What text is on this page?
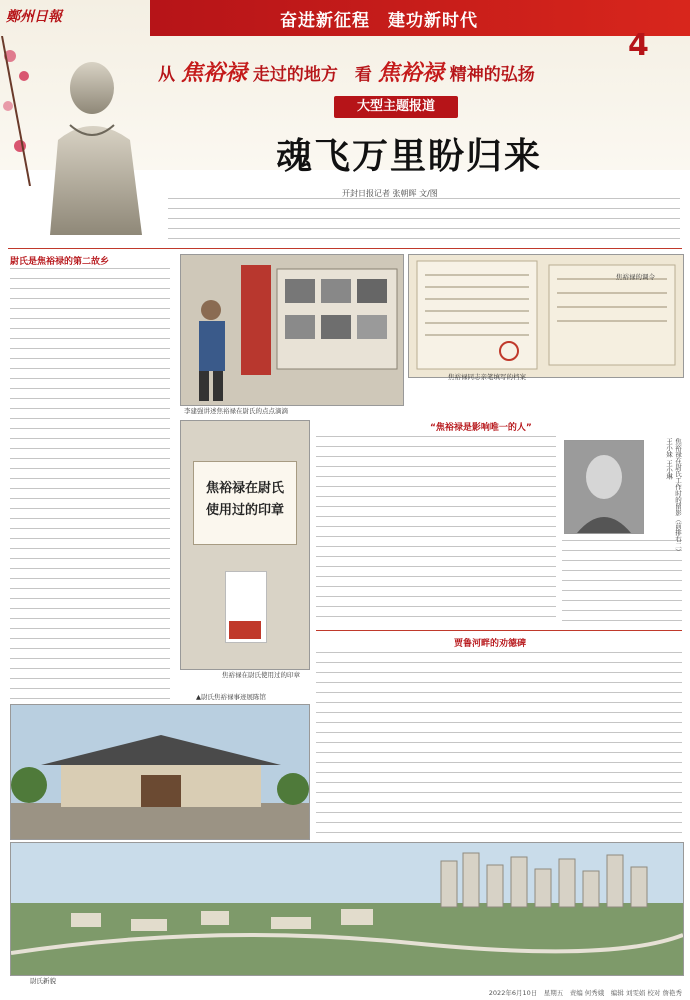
鄭州日報	奋进新征程　建功新时代
4
从 焦裕禄 走过的地方　看 焦裕禄 精神的弘扬
大型主题报道
魂飞万里盼归来
开封日报记者 张朝晖 文/图
尉氏是焦裕禄的第二故乡
李建强讲述焦裕禄在尉氏的点点滴滴
焦裕禄的调令
焦裕禄同志亲笔填写的档案
焦裕禄在尉氏
使用过的印章
焦裕禄在尉氏使用过的印章
“焦裕禄是影响唯一的人”
焦裕禄在尉氏工作时的留影（前排右二）王小妹 王小琳
贾鲁河畔的劝德碑
▲尉氏焦裕禄事迹展陈馆
尉氏新貌
2022年6月10日　星期五　责编 何秀娥　编辑 刘雯娟 校对 詹艳秀
